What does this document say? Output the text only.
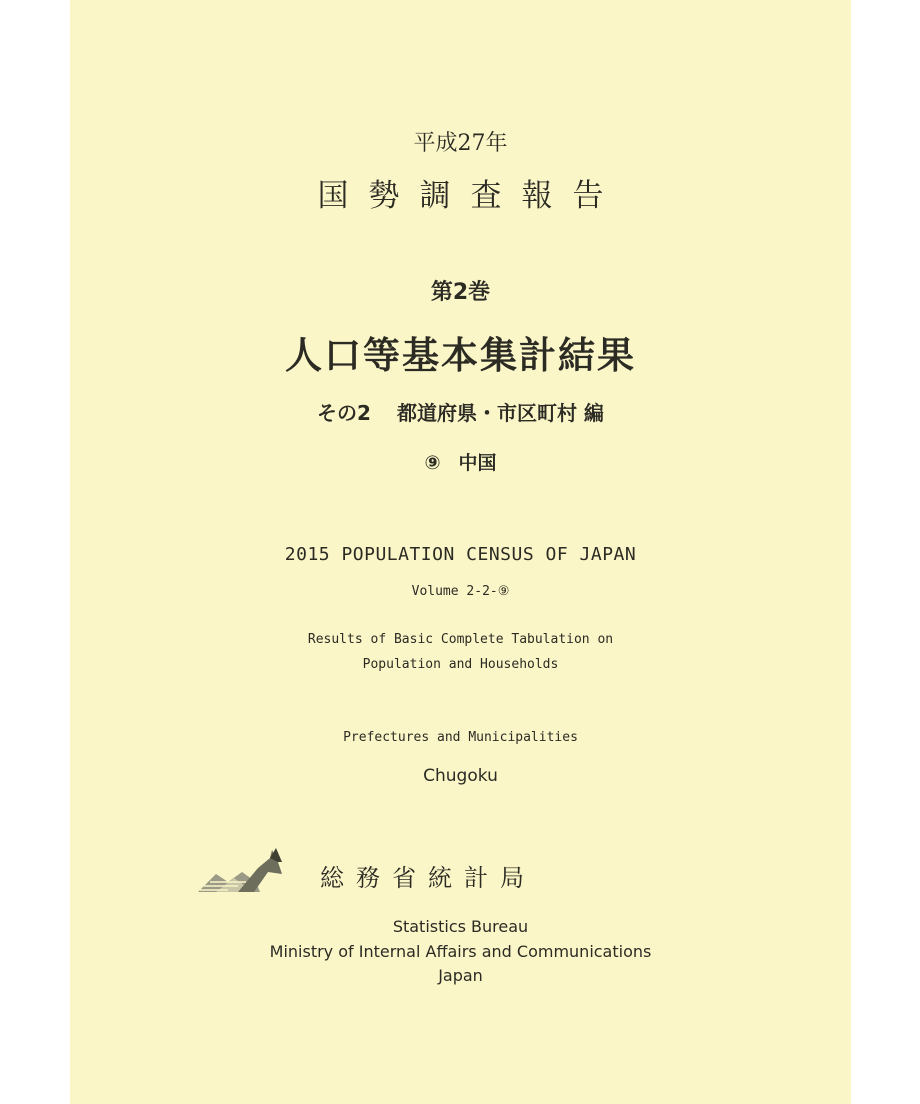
平成27年
国勢調査報告
第2巻
人口等基本集計結果
その2 都道府県・市区町村 編
⑨ 中国
2015 POPULATION CENSUS OF JAPAN
Volume 2-2-⑨
Results of Basic Complete Tabulation on
Population and Households
Prefectures and Municipalities
Chugoku
総務省統計局
Statistics Bureau
Ministry of Internal Affairs and Communications
Japan
